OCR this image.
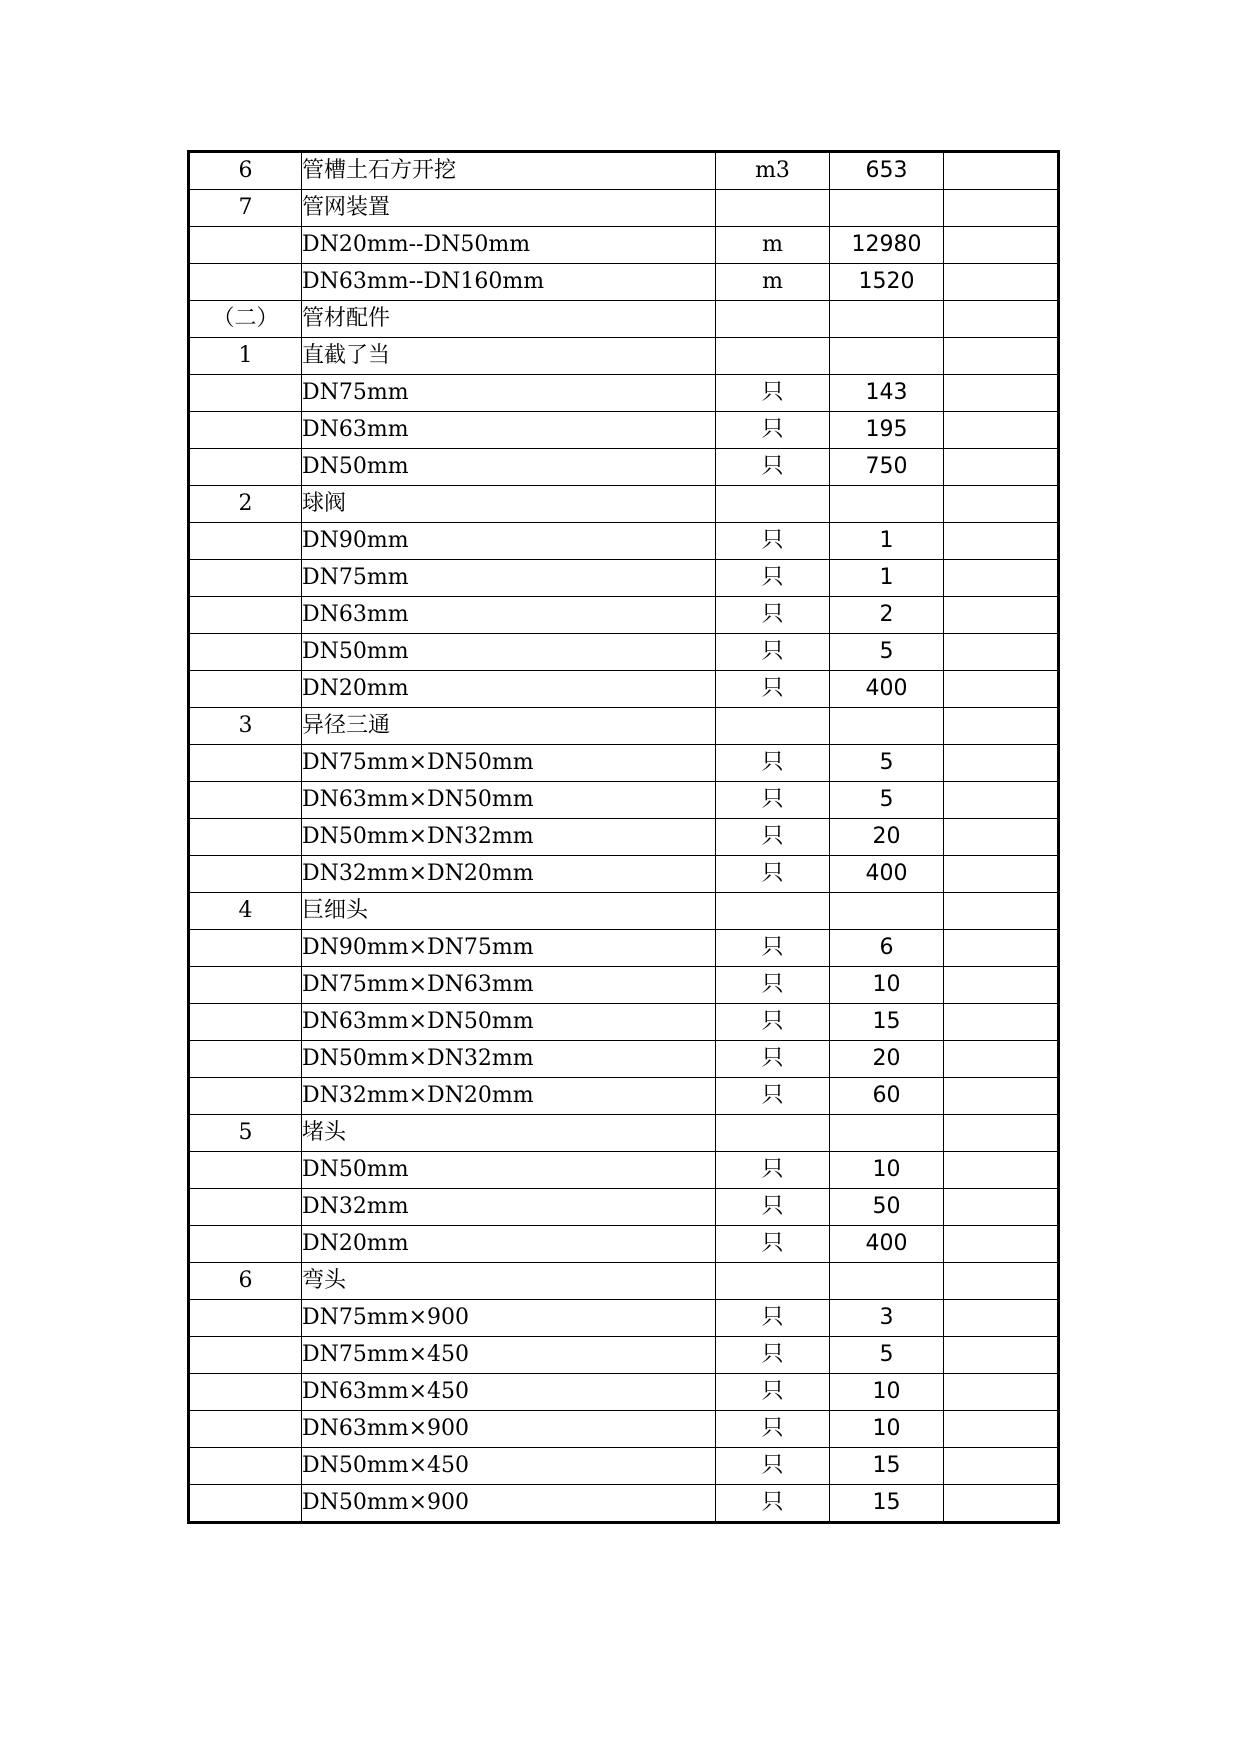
6	管槽土石方开挖	m3	653	
7	管网装置			
	DN20mm--DN50mm	m	12980	
	DN63mm--DN160mm	m	1520	
（二）	管材配件			
1	直截了当			
	DN75mm	只	143	
	DN63mm	只	195	
	DN50mm	只	750	
2	球阀			
	DN90mm	只	1	
	DN75mm	只	1	
	DN63mm	只	2	
	DN50mm	只	5	
	DN20mm	只	400	
3	异径三通			
	DN75mm×DN50mm	只	5	
	DN63mm×DN50mm	只	5	
	DN50mm×DN32mm	只	20	
	DN32mm×DN20mm	只	400	
4	巨细头			
	DN90mm×DN75mm	只	6	
	DN75mm×DN63mm	只	10	
	DN63mm×DN50mm	只	15	
	DN50mm×DN32mm	只	20	
	DN32mm×DN20mm	只	60	
5	堵头			
	DN50mm	只	10	
	DN32mm	只	50	
	DN20mm	只	400	
6	弯头			
	DN75mm×900	只	3	
	DN75mm×450	只	5	
	DN63mm×450	只	10	
	DN63mm×900	只	10	
	DN50mm×450	只	15	
	DN50mm×900	只	15	
